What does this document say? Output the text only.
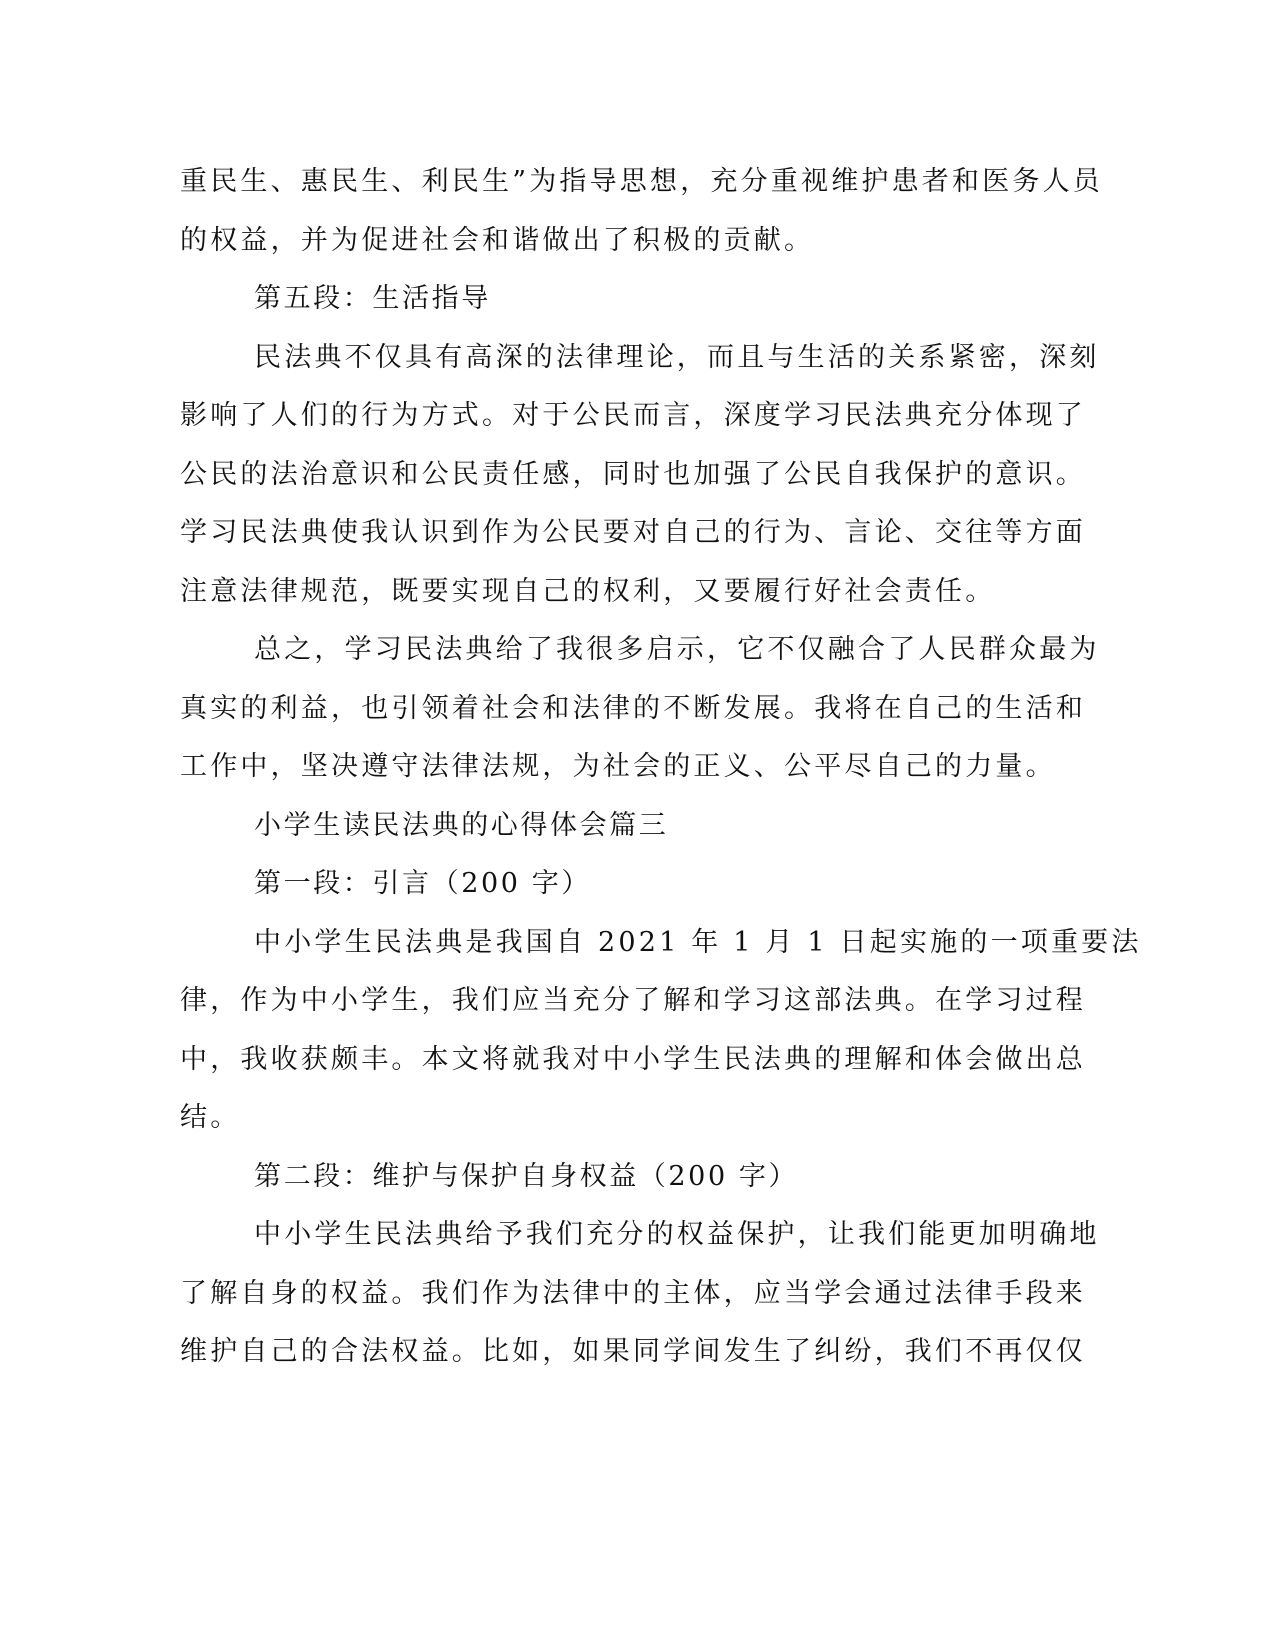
重民生、惠民生、利民生”为指导思想，充分重视维护患者和医务人员
的权益，并为促进社会和谐做出了积极的贡献。
第五段：生活指导
民法典不仅具有高深的法律理论，而且与生活的关系紧密，深刻
影响了人们的行为方式。对于公民而言，深度学习民法典充分体现了
公民的法治意识和公民责任感，同时也加强了公民自我保护的意识。
学习民法典使我认识到作为公民要对自己的行为、言论、交往等方面
注意法律规范，既要实现自己的权利，又要履行好社会责任。
总之，学习民法典给了我很多启示，它不仅融合了人民群众最为
真实的利益，也引领着社会和法律的不断发展。我将在自己的生活和
工作中，坚决遵守法律法规，为社会的正义、公平尽自己的力量。
小学生读民法典的心得体会篇三
第一段：引言（200 字）
中小学生民法典是我国自 2021 年 1 月 1 日起实施的一项重要法
律，作为中小学生，我们应当充分了解和学习这部法典。在学习过程
中，我收获颇丰。本文将就我对中小学生民法典的理解和体会做出总
结。
第二段：维护与保护自身权益（200 字）
中小学生民法典给予我们充分的权益保护，让我们能更加明确地
了解自身的权益。我们作为法律中的主体，应当学会通过法律手段来
维护自己的合法权益。比如，如果同学间发生了纠纷，我们不再仅仅
